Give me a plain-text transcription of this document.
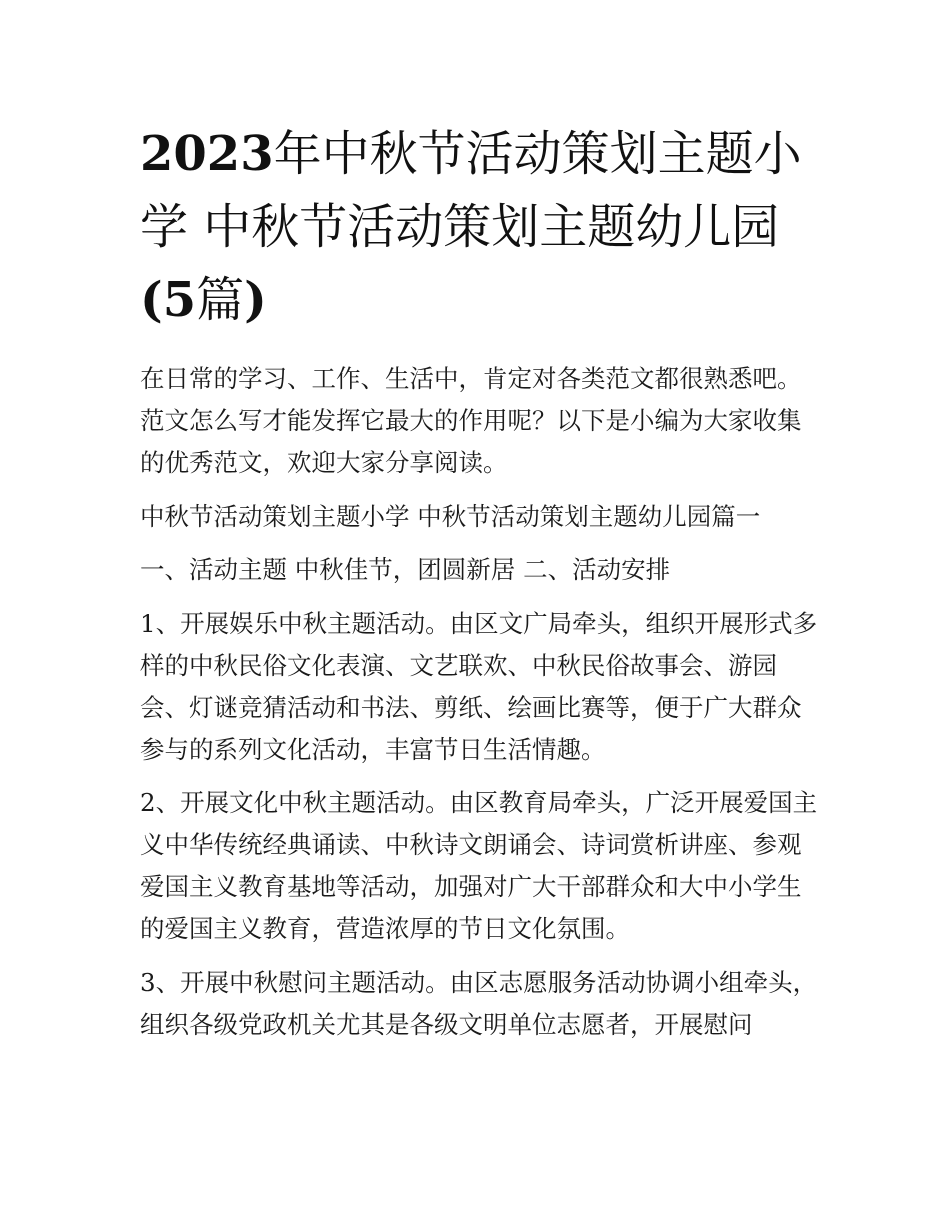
2023年中秋节活动策划主题小学 中秋节活动策划主题幼儿园
(5篇)

在日常的学习、工作、生活中，肯定对各类范文都很熟悉吧。范文怎么写才能发挥它最大的作用呢？以下是小编为大家收集的优秀范文，欢迎大家分享阅读。

中秋节活动策划主题小学 中秋节活动策划主题幼儿园篇一

一、活动主题 中秋佳节，团圆新居 二、活动安排

1、开展娱乐中秋主题活动。由区文广局牵头，组织开展形式多样的中秋民俗文化表演、文艺联欢、中秋民俗故事会、游园会、灯谜竞猜活动和书法、剪纸、绘画比赛等，便于广大群众参与的系列文化活动，丰富节日生活情趣。

2、开展文化中秋主题活动。由区教育局牵头，广泛开展爱国主义中华传统经典诵读、中秋诗文朗诵会、诗词赏析讲座、参观爱国主义教育基地等活动，加强对广大干部群众和大中小学生的爱国主义教育，营造浓厚的节日文化氛围。

3、开展中秋慰问主题活动。由区志愿服务活动协调小组牵头，组织各级党政机关尤其是各级文明单位志愿者，开展慰问
